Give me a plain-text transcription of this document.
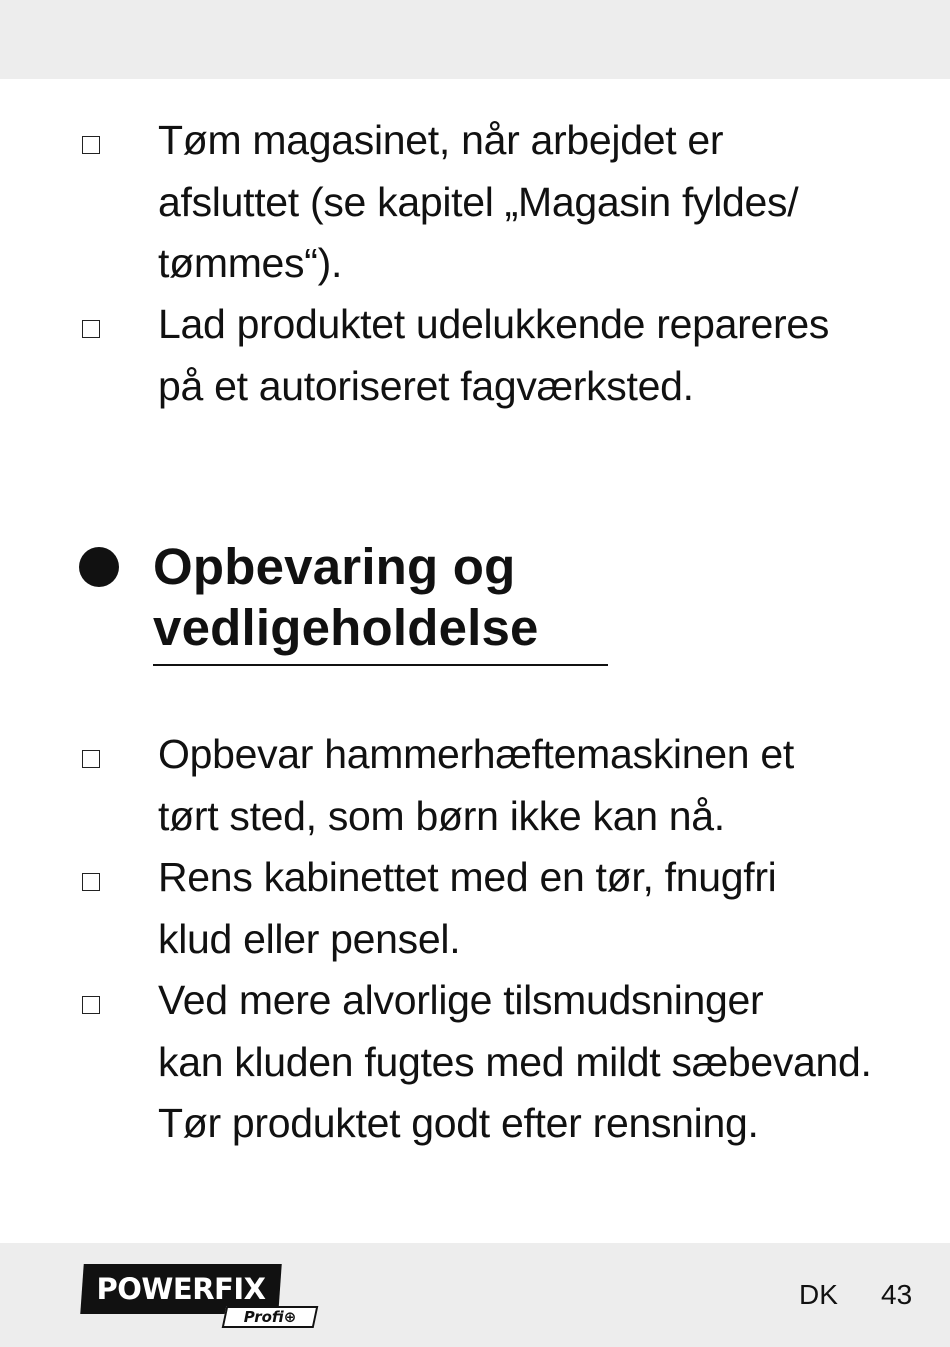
Tøm magasinet, når arbejdet er
afsluttet (se kapitel „Magasin fyldes/
tømmes“).
Lad produktet udelukkende repareres
på et autoriseret fagværksted.
Opbevaring og
vedligeholdelse
Opbevar hammerhæftemaskinen et
tørt sted, som børn ikke kan nå.
Rens kabinettet med en tør, fnugfri
klud eller pensel.
Ved mere alvorlige tilsmudsninger
kan kluden fugtes med mildt sæbevand.
Tør produktet godt efter rensning.
POWERFIX
Profi⊕
DK 43
